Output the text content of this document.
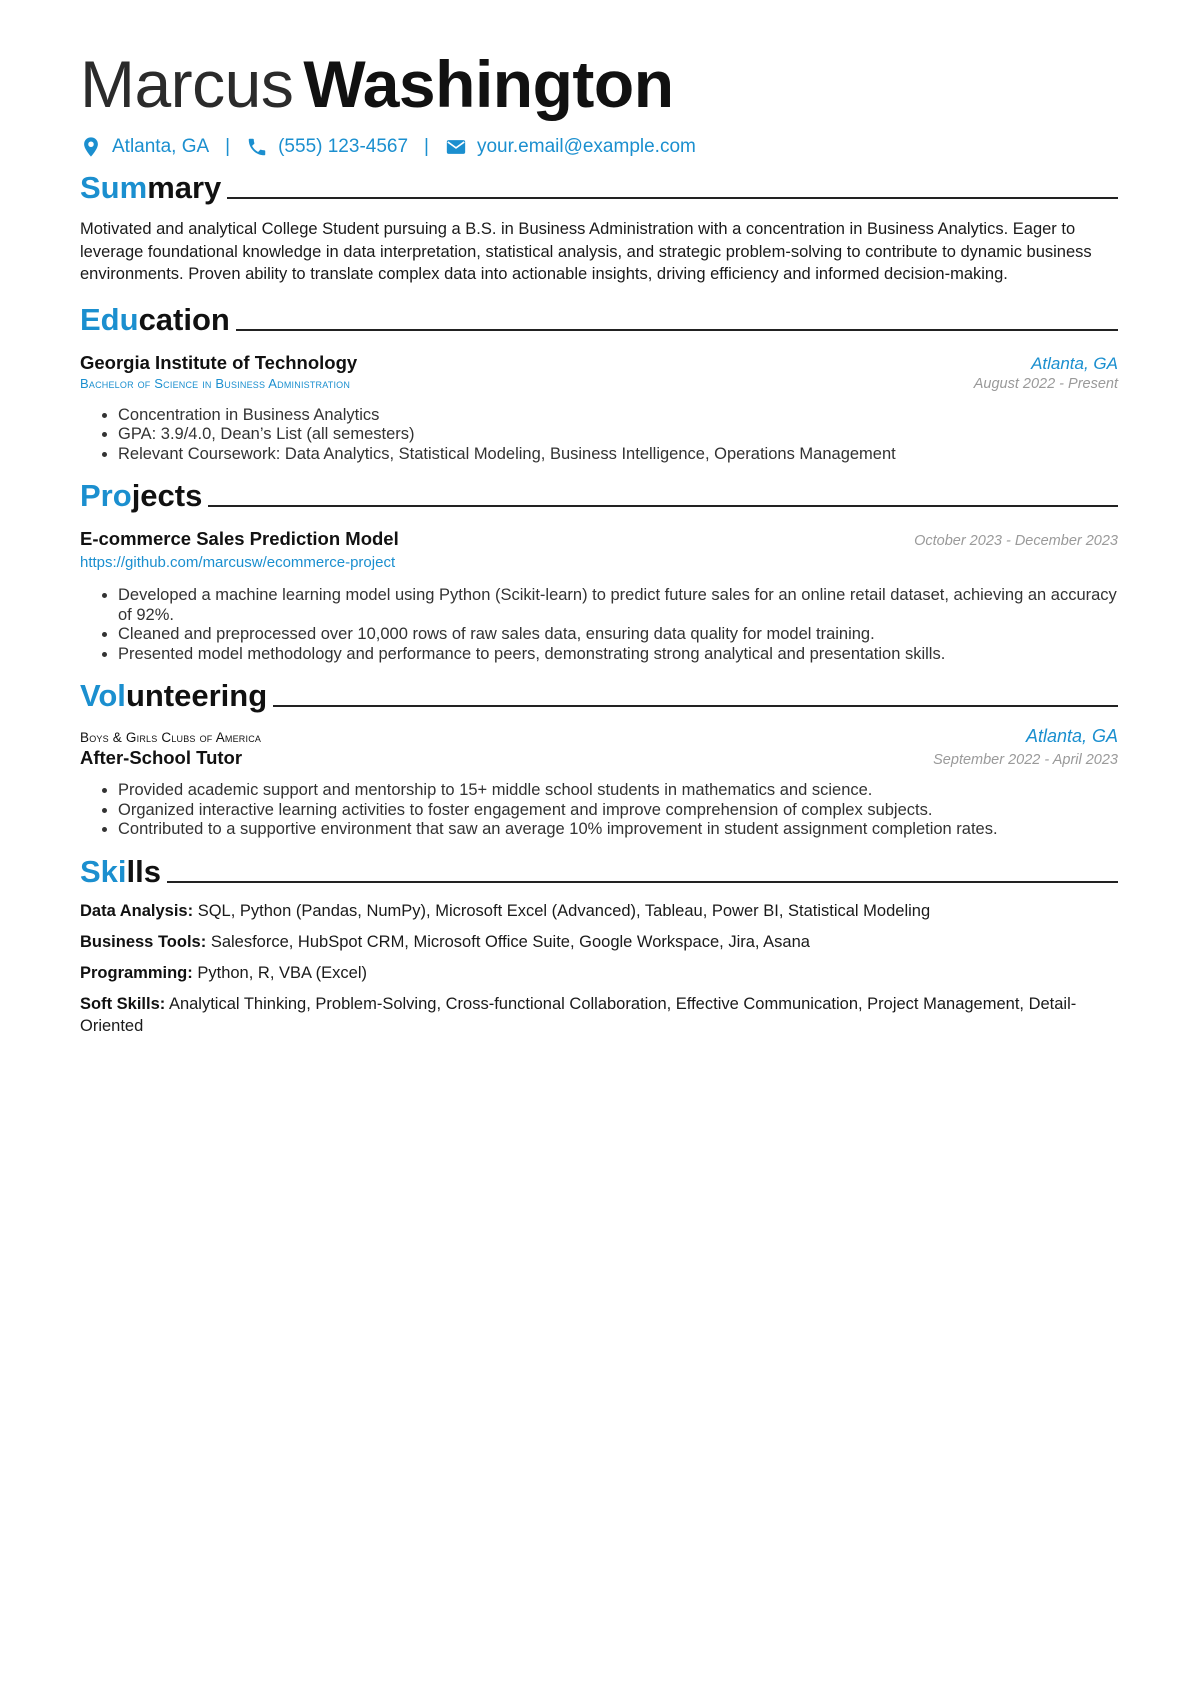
Marcus Washington
Atlanta, GA |	(555) 123-4567 |	your.email@example.com
Summary
Motivated and analytical College Student pursuing a B.S. in Business Administration with a concentration in Business Analytics. Eager to leverage foundational knowledge in data interpretation, statistical analysis, and strategic problem-solving to contribute to dynamic business environments. Proven ability to translate complex data into actionable insights, driving efficiency and informed decision-making.
Education
Georgia Institute of Technology	Atlanta, GA
Bachelor of Science in Business Administration	August 2022 - Present
• Concentration in Business Analytics
• GPA: 3.9/4.0, Dean’s List (all semesters)
• Relevant Coursework: Data Analytics, Statistical Modeling, Business Intelligence, Operations Management
Projects
E-commerce Sales Prediction Model	October 2023 - December 2023
https://github.com/marcusw/ecommerce-project
• Developed a machine learning model using Python (Scikit-learn) to predict future sales for an online retail dataset, achieving an accuracy of 92%.
• Cleaned and preprocessed over 10,000 rows of raw sales data, ensuring data quality for model training.
• Presented model methodology and performance to peers, demonstrating strong analytical and presentation skills.
Volunteering
Boys & Girls Clubs of America	Atlanta, GA
After-School Tutor	September 2022 - April 2023
• Provided academic support and mentorship to 15+ middle school students in mathematics and science.
• Organized interactive learning activities to foster engagement and improve comprehension of complex subjects.
• Contributed to a supportive environment that saw an average 10% improvement in student assignment completion rates.
Skills
Data Analysis: SQL, Python (Pandas, NumPy), Microsoft Excel (Advanced), Tableau, Power BI, Statistical Modeling
Business Tools: Salesforce, HubSpot CRM, Microsoft Office Suite, Google Workspace, Jira, Asana
Programming: Python, R, VBA (Excel)
Soft Skills: Analytical Thinking, Problem-Solving, Cross-functional Collaboration, Effective Communication, Project Management, Detail-Oriented
